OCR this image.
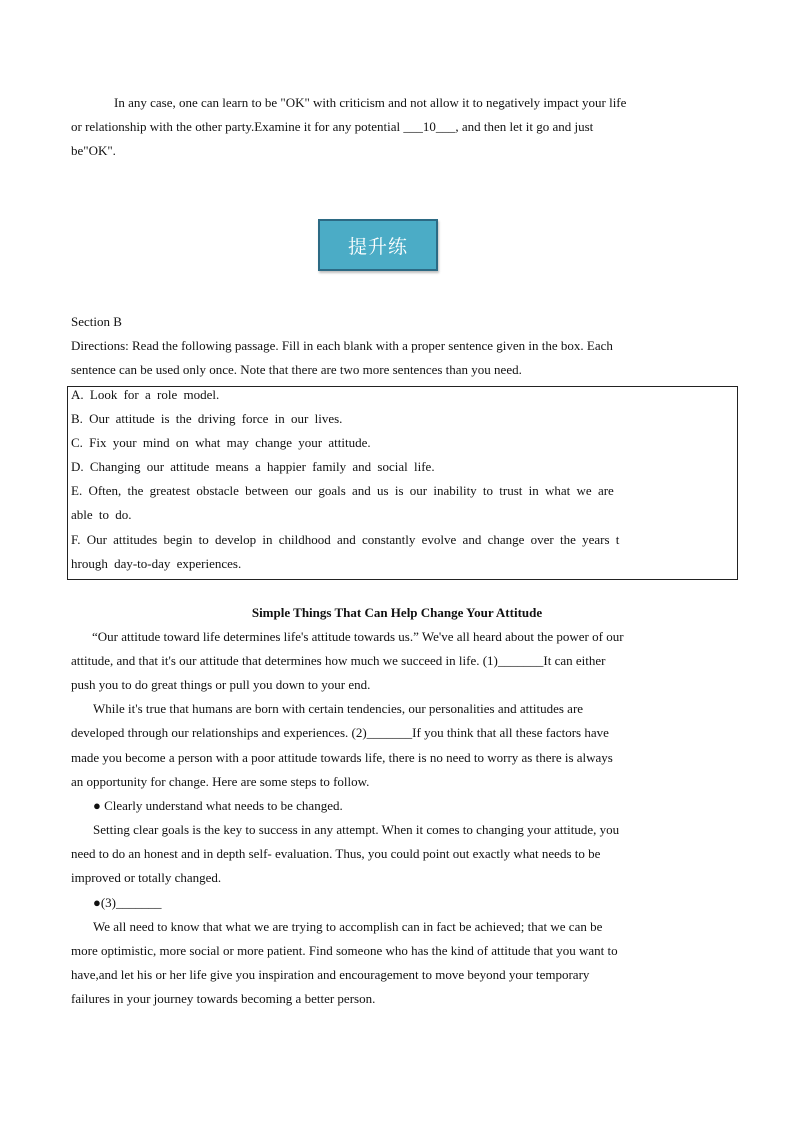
In any case, one can learn to be "OK" with criticism and not allow it to negatively impact your life
or relationship with the other party.Examine it for any potential ___10___, and then let it go and just
be"OK".
提升练
Section B
Directions: Read the following passage. Fill in each blank with a proper sentence given in the box. Each
sentence can be used only once. Note that there are two more sentences than you need.
A. Look for a role model.
B. Our attitude is the driving force in our lives.
C. Fix your mind on what may change your attitude.
D. Changing our attitude means a happier family and social life.
E. Often, the greatest obstacle between our goals and us is our inability to trust in what we are
able to do.
F. Our attitudes begin to develop in childhood and constantly evolve and change over the years t
hrough day-to-day experiences.
Simple Things That Can Help Change Your Attitude
“Our attitude toward life determines life's attitude towards us.” We've all heard about the power of our
attitude, and that it's our attitude that determines how much we succeed in life. (1)_______It can either
push you to do great things or pull you down to your end.
While it's true that humans are born with certain tendencies, our personalities and attitudes are
developed through our relationships and experiences. (2)_______If you think that all these factors have
made you become a person with a poor attitude towards life, there is no need to worry as there is always
an opportunity for change. Here are some steps to follow.
● Clearly understand what needs to be changed.
Setting clear goals is the key to success in any attempt. When it comes to changing your attitude, you
need to do an honest and in depth self- evaluation. Thus, you could point out exactly what needs to be
improved or totally changed.
●(3)_______
We all need to know that what we are trying to accomplish can in fact be achieved; that we can be
more optimistic, more social or more patient. Find someone who has the kind of attitude that you want to
have,and let his or her life give you inspiration and encouragement to move beyond your temporary
failures in your journey towards becoming a better person.
